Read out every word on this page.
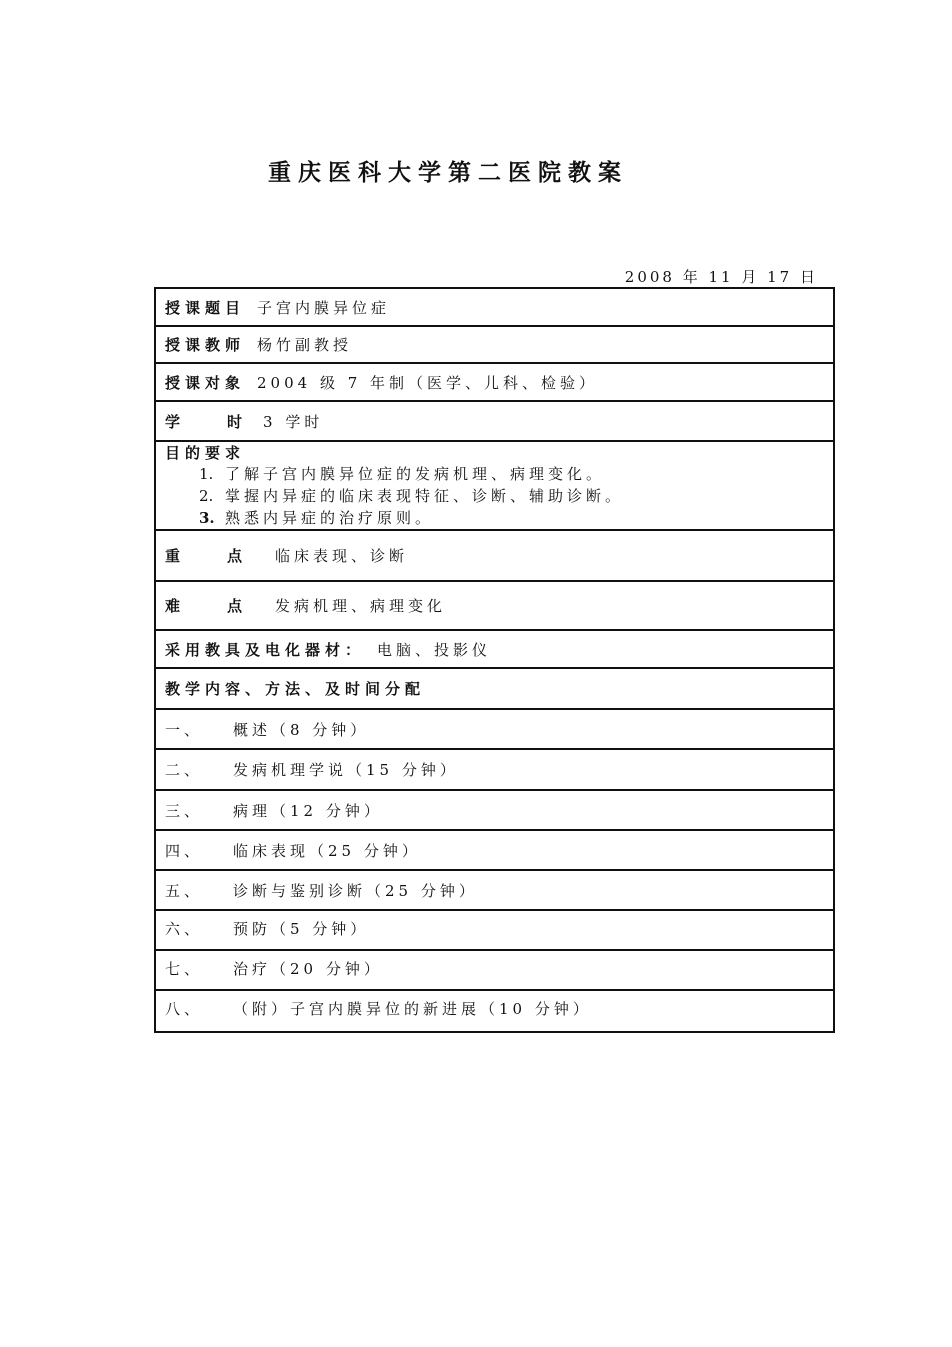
重庆医科大学第二医院教案
2008 年 11 月 17 日
授课题目 子宫内膜异位症
授课教师 杨竹副教授
授课对象 2004 级 7 年制（医学、儿科、检验）
学	时 3 学时
目的要求
1. 了解子宫内膜异位症的发病机理、病理变化。
2. 掌握内异症的临床表现特征、诊断、辅助诊断。
3. 熟悉内异症的治疗原则。
重	点 临床表现、诊断
难	点 发病机理、病理变化
采用教具及电化器材： 电脑、投影仪
教学内容、方法、及时间分配
一、	概述（8 分钟）
二、	发病机理学说（15 分钟）
三、	病理（12 分钟）
四、	临床表现（25 分钟）
五、	诊断与鉴别诊断（25 分钟）
六、	预防（5 分钟）
七、	治疗（20 分钟）
八、	（附）子宫内膜异位的新进展（10 分钟）
